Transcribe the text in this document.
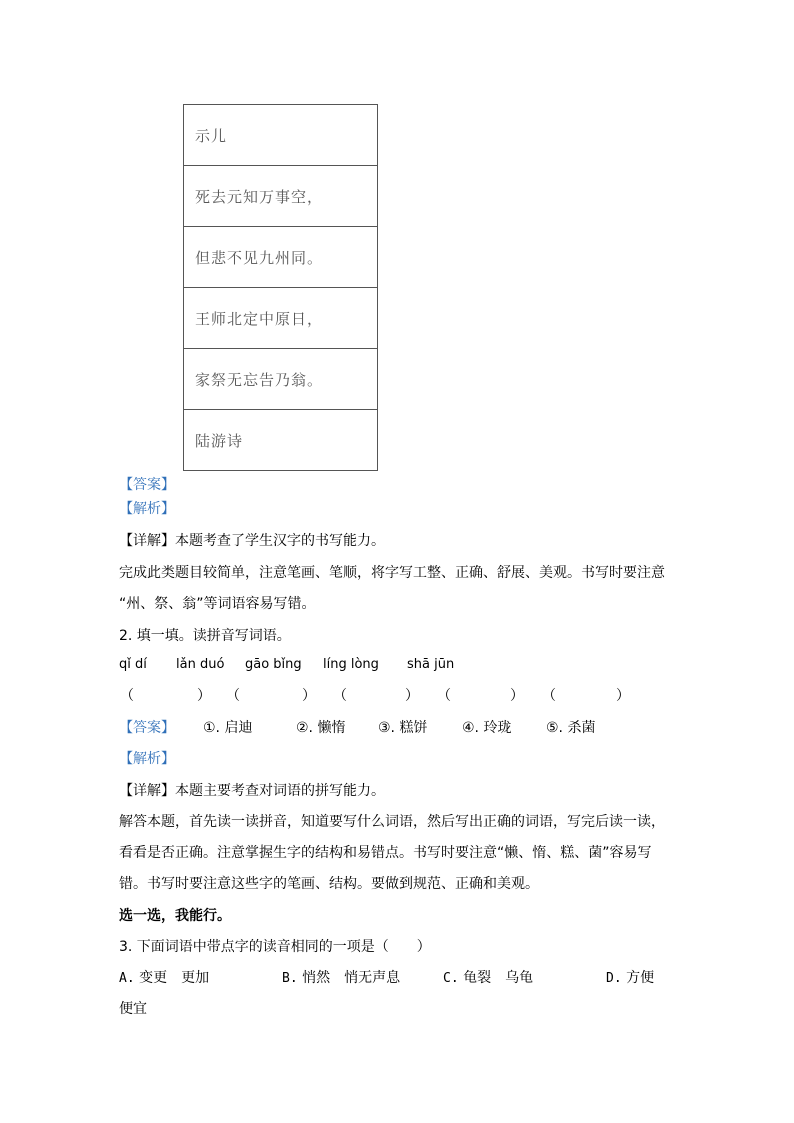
示儿
死去元知万事空，
但悲不见九州同。
王师北定中原日，
家祭无忘告乃翁。
陆游诗
【答案】
【解析】
【详解】本题考查了学生汉字的书写能力。
完成此类题目较简单，注意笔画、笔顺，将字写工整、正确、舒展、美观。书写时要注意
“州、祭、翁”等词语容易写错。
2. 填一填。读拼音写词语。
qǐ dí lǎn duó gāo bǐng líng lòng shā jūn
（	） （	） （	） （	） （	）
【答案】 ①. 启迪	②. 懒惰 ③. 糕饼 ④. 玲珑 ⑤. 杀菌
【解析】
【详解】本题主要考查对词语的拼写能力。
解答本题，首先读一读拼音，知道要写什么词语，然后写出正确的词语，写完后读一读，
看看是否正确。注意掌握生字的结构和易错点。书写时要注意“懒、惰、糕、菌”容易写
错。书写时要注意这些字的笔画、结构。要做到规范、正确和美观。
选一选，我能行。
3. 下面词语中带点字的读音相同的一项是（　　）
A. 变更　更加	B. 悄然　悄无声息	C. 龟裂　乌龟	D. 方便
便宜
